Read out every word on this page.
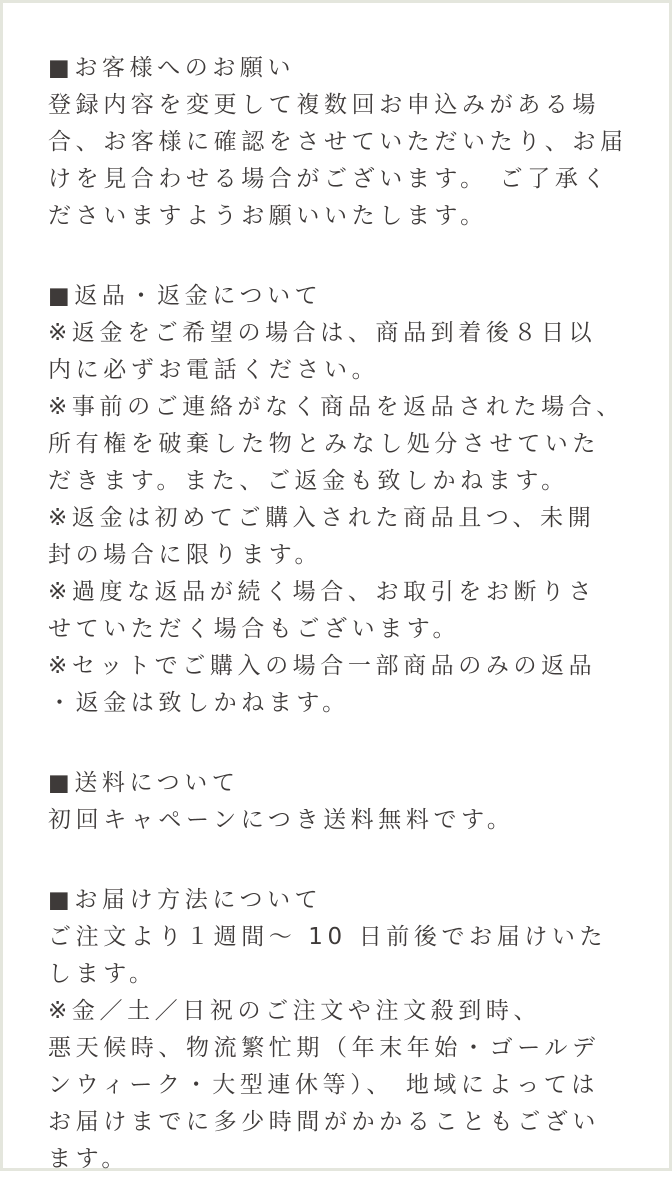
■お客様へのお願い
登録内容を変更して複数回お申込みがある場
合、お客様に確認をさせていただいたり、お届
けを見合わせる場合がございます。 ご了承く
ださいますようお願いいたします。
■返品・返金について
※返金をご希望の場合は、商品到着後８日以
内に必ずお電話ください。
※事前のご連絡がなく商品を返品された場合、
所有権を破棄した物とみなし処分させていた
だきます。また、ご返金も致しかねます。
※返金は初めてご購入された商品且つ、未開
封の場合に限ります。
※過度な返品が続く場合、お取引をお断りさ
せていただく場合もございます。
※セットでご購入の場合一部商品のみの返品
・返金は致しかねます。
■送料について
初回キャペーンにつき送料無料です。
■お届け方法について
ご注文より１週間〜 10 日前後でお届けいた
します。
※金／土／日祝のご注文や注文殺到時、
悪天候時、物流繁忙期（年末年始・ゴールデ
ンウィーク・大型連休等）、 地域によっては
お届けまでに多少時間がかかることもござい
ます。
